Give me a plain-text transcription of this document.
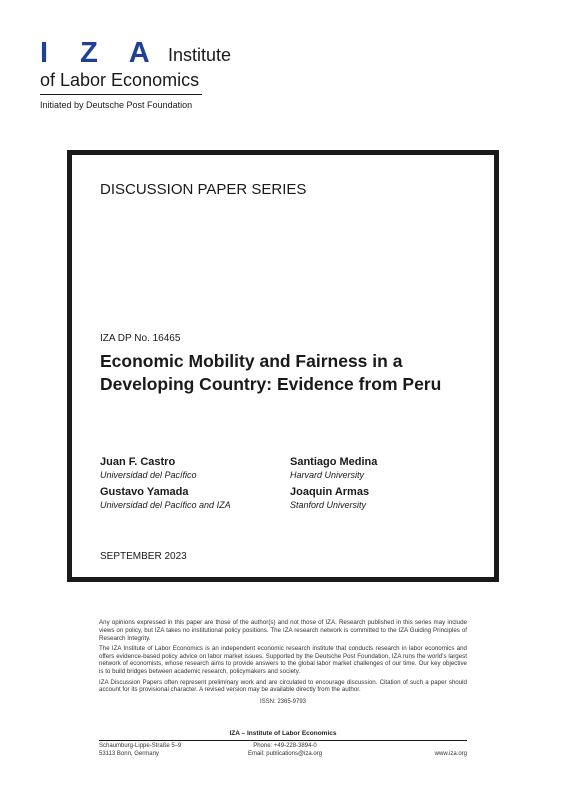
I Z A Institute
of Labor Economics
Initiated by Deutsche Post Foundation
DISCUSSION PAPER SERIES
IZA DP No. 16465
Economic Mobility and Fairness in a Developing Country: Evidence from Peru
Juan F. Castro
Universidad del Pacífico
Santiago Medina
Harvard University
Gustavo Yamada
Universidad del Pacífico and IZA
Joaquin Armas
Stanford University
SEPTEMBER 2023

Any opinions expressed in this paper are those of the author(s) and not those of IZA. Research published in this series may include views on policy, but IZA takes no institutional policy positions. The IZA research network is committed to the IZA Guiding Principles of Research Integrity.

The IZA Institute of Labor Economics is an independent economic research institute that conducts research in labor economics and offers evidence-based policy advice on labor market issues. Supported by the Deutsche Post Foundation, IZA runs the world’s largest network of economists, whose research aims to provide answers to the global labor market challenges of our time. Our key objective is to build bridges between academic research, policymakers and society.

IZA Discussion Papers often represent preliminary work and are circulated to encourage discussion. Citation of such a paper should account for its provisional character. A revised version may be available directly from the author.

ISSN: 2365-9793
IZA – Institute of Labor Economics
Schaumburg-Lippe-Straße 5–9
53113 Bonn, Germany
Phone: +49-228-3894-0
Email: publications@iza.org	www.iza.org
